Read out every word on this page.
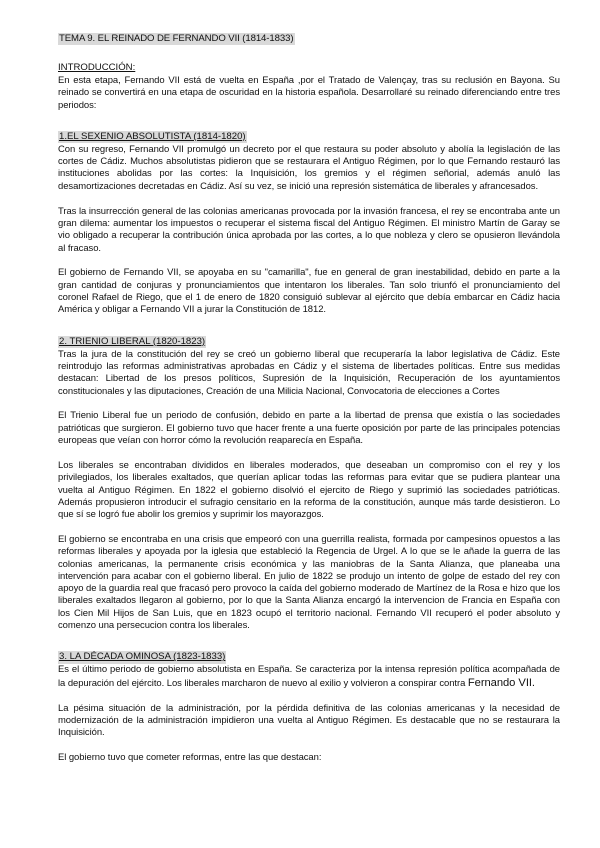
TEMA 9. EL REINADO DE FERNANDO VII (1814-1833)
INTRODUCCIÓN:

En esta etapa, Fernando VII está de vuelta en España ,por el Tratado de Valençay, tras su reclusión en Bayona. Su reinado se convertirá en una etapa de oscuridad en la historia española. Desarrollaré su reinado diferenciando entre tres periodos:

1.EL SEXENIO ABSOLUTISTA (1814-1820)

Con su regreso, Fernando VII promulgó un decreto por el que restaura su poder absoluto y abolía la legislación de las cortes de Cádiz. Muchos absolutistas pidieron que se restaurara el Antiguo Régimen, por lo que Fernando restauró las instituciones abolidas por las cortes: la Inquisición, los gremios y el régimen señorial, además anuló las desamortizaciones decretadas en Cádiz. Así su vez, se inició una represión sistemática de liberales y afrancesados.

Tras la insurrección general de las colonias americanas provocada por la invasión francesa, el rey se encontraba ante un gran dilema: aumentar los impuestos o recuperar el sistema fiscal del Antiguo Régimen. El ministro Martín de Garay se vio obligado a recuperar la contribución única aprobada por las cortes, a lo que nobleza y clero se opusieron llevándola al fracaso.

El gobierno de Fernando VII, se apoyaba en su "camarilla", fue en general de gran inestabilidad, debido en parte a la gran cantidad de conjuras y pronunciamientos que intentaron los liberales. Tan solo triunfó el pronunciamiento del coronel Rafael de Riego, que el 1 de enero de 1820 consiguió sublevar al ejército que debía embarcar en Cádiz hacia América y obligar a Fernando VII a jurar la Constitución de 1812.

2. TRIENIO LIBERAL (1820-1823)

Tras la jura de la constitución del rey se creó un gobierno liberal que recuperaría la labor legislativa de Cádiz. Este reintrodujo las reformas administrativas aprobadas en Cádiz y el sistema de libertades políticas. Entre sus medidas destacan: Libertad de los presos políticos, Supresión de la Inquisición, Recuperación de los ayuntamientos constitucionales y las diputaciones, Creación de una Milicia Nacional, Convocatoria de elecciones a Cortes

El Trienio Liberal fue un periodo de confusión, debido en parte a la libertad de prensa que existía o las sociedades patrióticas que surgieron. El gobierno tuvo que hacer frente a una fuerte oposición por parte de las principales potencias europeas que veían con horror cómo la revolución reaparecía en España.

Los liberales se encontraban divididos en liberales moderados, que deseaban un compromiso con el rey y los privilegiados, los liberales exaltados, que querían aplicar todas las reformas para evitar que se pudiera plantear una vuelta al Antiguo Régimen. En 1822 el gobierno disolvió el ejercito de Riego y suprimió las sociedades patrióticas. Además propusieron introducir el sufragio censitario en la reforma de la constitución, aunque más tarde desistieron. Lo que sí se logró fue abolir los gremios y suprimir los mayorazgos.

El gobierno se encontraba en una crisis que empeoró con una guerrilla realista, formada por campesinos opuestos a las reformas liberales y apoyada por la iglesia que estableció la Regencia de Urgel. A lo que se le añade la guerra de las colonias americanas, la permanente crisis económica y las maniobras de la Santa Alianza, que planeaba una intervención para acabar con el gobierno liberal. En julio de 1822 se produjo un intento de golpe de estado del rey con apoyo de la guardia real que fracasó pero provoco la caída del gobierno moderado de Martínez de la Rosa e hizo que los liberales exaltados llegaron al gobierno, por lo que la Santa Alianza encargó la intervencion de Francia en España con los Cien Mil Hijos de San Luis, que en 1823 ocupó el territorio nacional. Fernando VII recuperó el poder absoluto y comenzo una persecucion contra los liberales.

3. LA DÉCADA OMINOSA (1823-1833)

Es el último periodo de gobierno absolutista en España. Se caracteriza por la intensa represión política acompañada de la depuración del ejército. Los liberales marcharon de nuevo al exilio y volvieron a conspirar contra Fernando VII.

La pésima situación de la administración, por la pérdida definitiva de las colonias americanas y la necesidad de modernización de la administración impidieron una vuelta al Antiguo Régimen. Es destacable que no se restaurara la Inquisición.

El gobierno tuvo que cometer reformas, entre las que destacan:
